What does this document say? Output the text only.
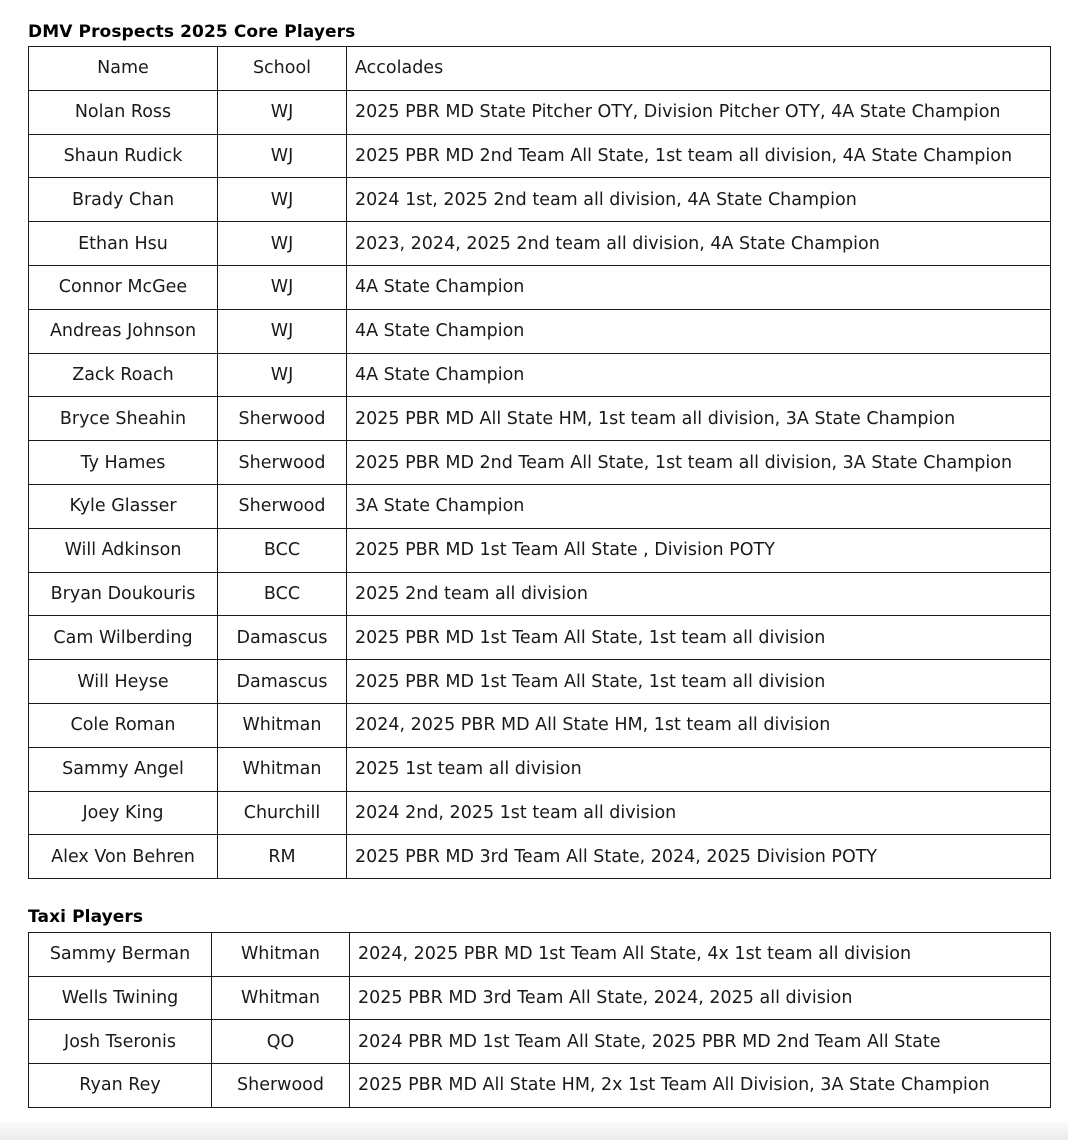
DMV Prospects 2025 Core Players
Name	School	Accolades
Nolan Ross	WJ	2025 PBR MD State Pitcher OTY, Division Pitcher OTY, 4A State Champion
Shaun Rudick	WJ	2025 PBR MD 2nd Team All State, 1st team all division, 4A State Champion
Brady Chan	WJ	2024 1st, 2025 2nd team all division, 4A State Champion
Ethan Hsu	WJ	2023, 2024, 2025 2nd team all division, 4A State Champion
Connor McGee	WJ	4A State Champion
Andreas Johnson	WJ	4A State Champion
Zack Roach	WJ	4A State Champion
Bryce Sheahin	Sherwood	2025 PBR MD All State HM, 1st team all division, 3A State Champion
Ty Hames	Sherwood	2025 PBR MD 2nd Team All State, 1st team all division, 3A State Champion
Kyle Glasser	Sherwood	3A State Champion
Will Adkinson	BCC	2025 PBR MD 1st Team All State , Division POTY
Bryan Doukouris	BCC	2025 2nd team all division
Cam Wilberding	Damascus	2025 PBR MD 1st Team All State, 1st team all division
Will Heyse	Damascus	2025 PBR MD 1st Team All State, 1st team all division
Cole Roman	Whitman	2024, 2025 PBR MD All State HM, 1st team all division
Sammy Angel	Whitman	2025 1st team all division
Joey King	Churchill	2024 2nd, 2025 1st team all division
Alex Von Behren	RM	2025 PBR MD 3rd Team All State, 2024, 2025 Division POTY
Taxi Players
Sammy Berman	Whitman	2024, 2025 PBR MD 1st Team All State, 4x 1st team all division
Wells Twining	Whitman	2025 PBR MD 3rd Team All State, 2024, 2025 all division
Josh Tseronis	QO	2024 PBR MD 1st Team All State, 2025 PBR MD 2nd Team All State
Ryan Rey	Sherwood	2025 PBR MD All State HM, 2x 1st Team All Division, 3A State Champion
